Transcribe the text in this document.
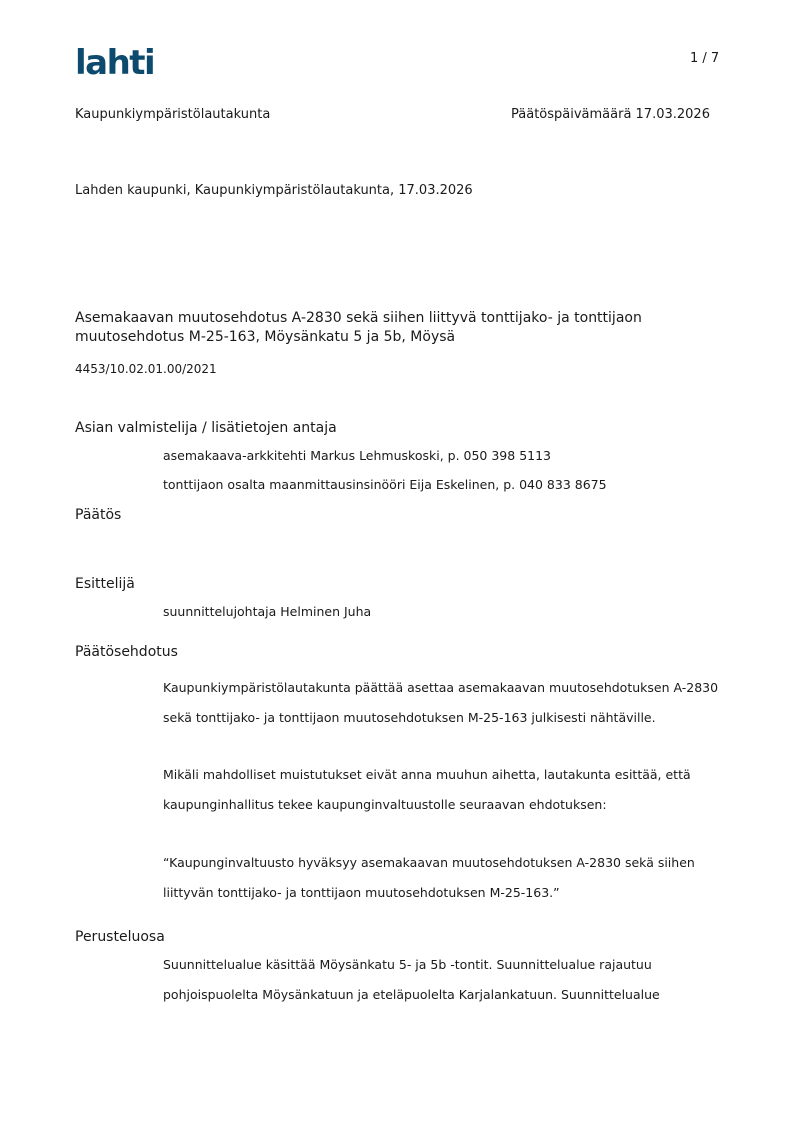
lahti	1 / 7
Kaupunkiympäristölautakunta	Päätöspäivämäärä 17.03.2026
Lahden kaupunki, Kaupunkiympäristölautakunta, 17.03.2026
Asemakaavan muutosehdotus A-2830 sekä siihen liittyvä tonttijako- ja tonttijaon
muutosehdotus M-25-163, Möysänkatu 5 ja 5b, Möysä
4453/10.02.01.00/2021
Asian valmistelija / lisätietojen antaja
asemakaava-arkkitehti Markus Lehmuskoski, p. 050 398 5113
tonttijaon osalta maanmittausinsinööri Eija Eskelinen, p. 040 833 8675
Päätös
Esittelijä
suunnittelujohtaja Helminen Juha
Päätösehdotus
Kaupunkiympäristölautakunta päättää asettaa asemakaavan muutosehdotuksen A-2830 sekä tonttijako- ja tonttijaon muutosehdotuksen M-25-163 julkisesti nähtäville.
Mikäli mahdolliset muistutukset eivät anna muuhun aihetta, lautakunta esittää, että kaupunginhallitus tekee kaupunginvaltuustolle seuraavan ehdotuksen:
“Kaupunginvaltuusto hyväksyy asemakaavan muutosehdotuksen A-2830 sekä siihen liittyvän tonttijako- ja tonttijaon muutosehdotuksen M-25-163.”
Perusteluosa
Suunnittelualue käsittää Möysänkatu 5- ja 5b -tontit. Suunnittelualue rajautuu pohjoispuolelta Möysänkatuun ja eteläpuolelta Karjalankatuun. Suunnittelualue
